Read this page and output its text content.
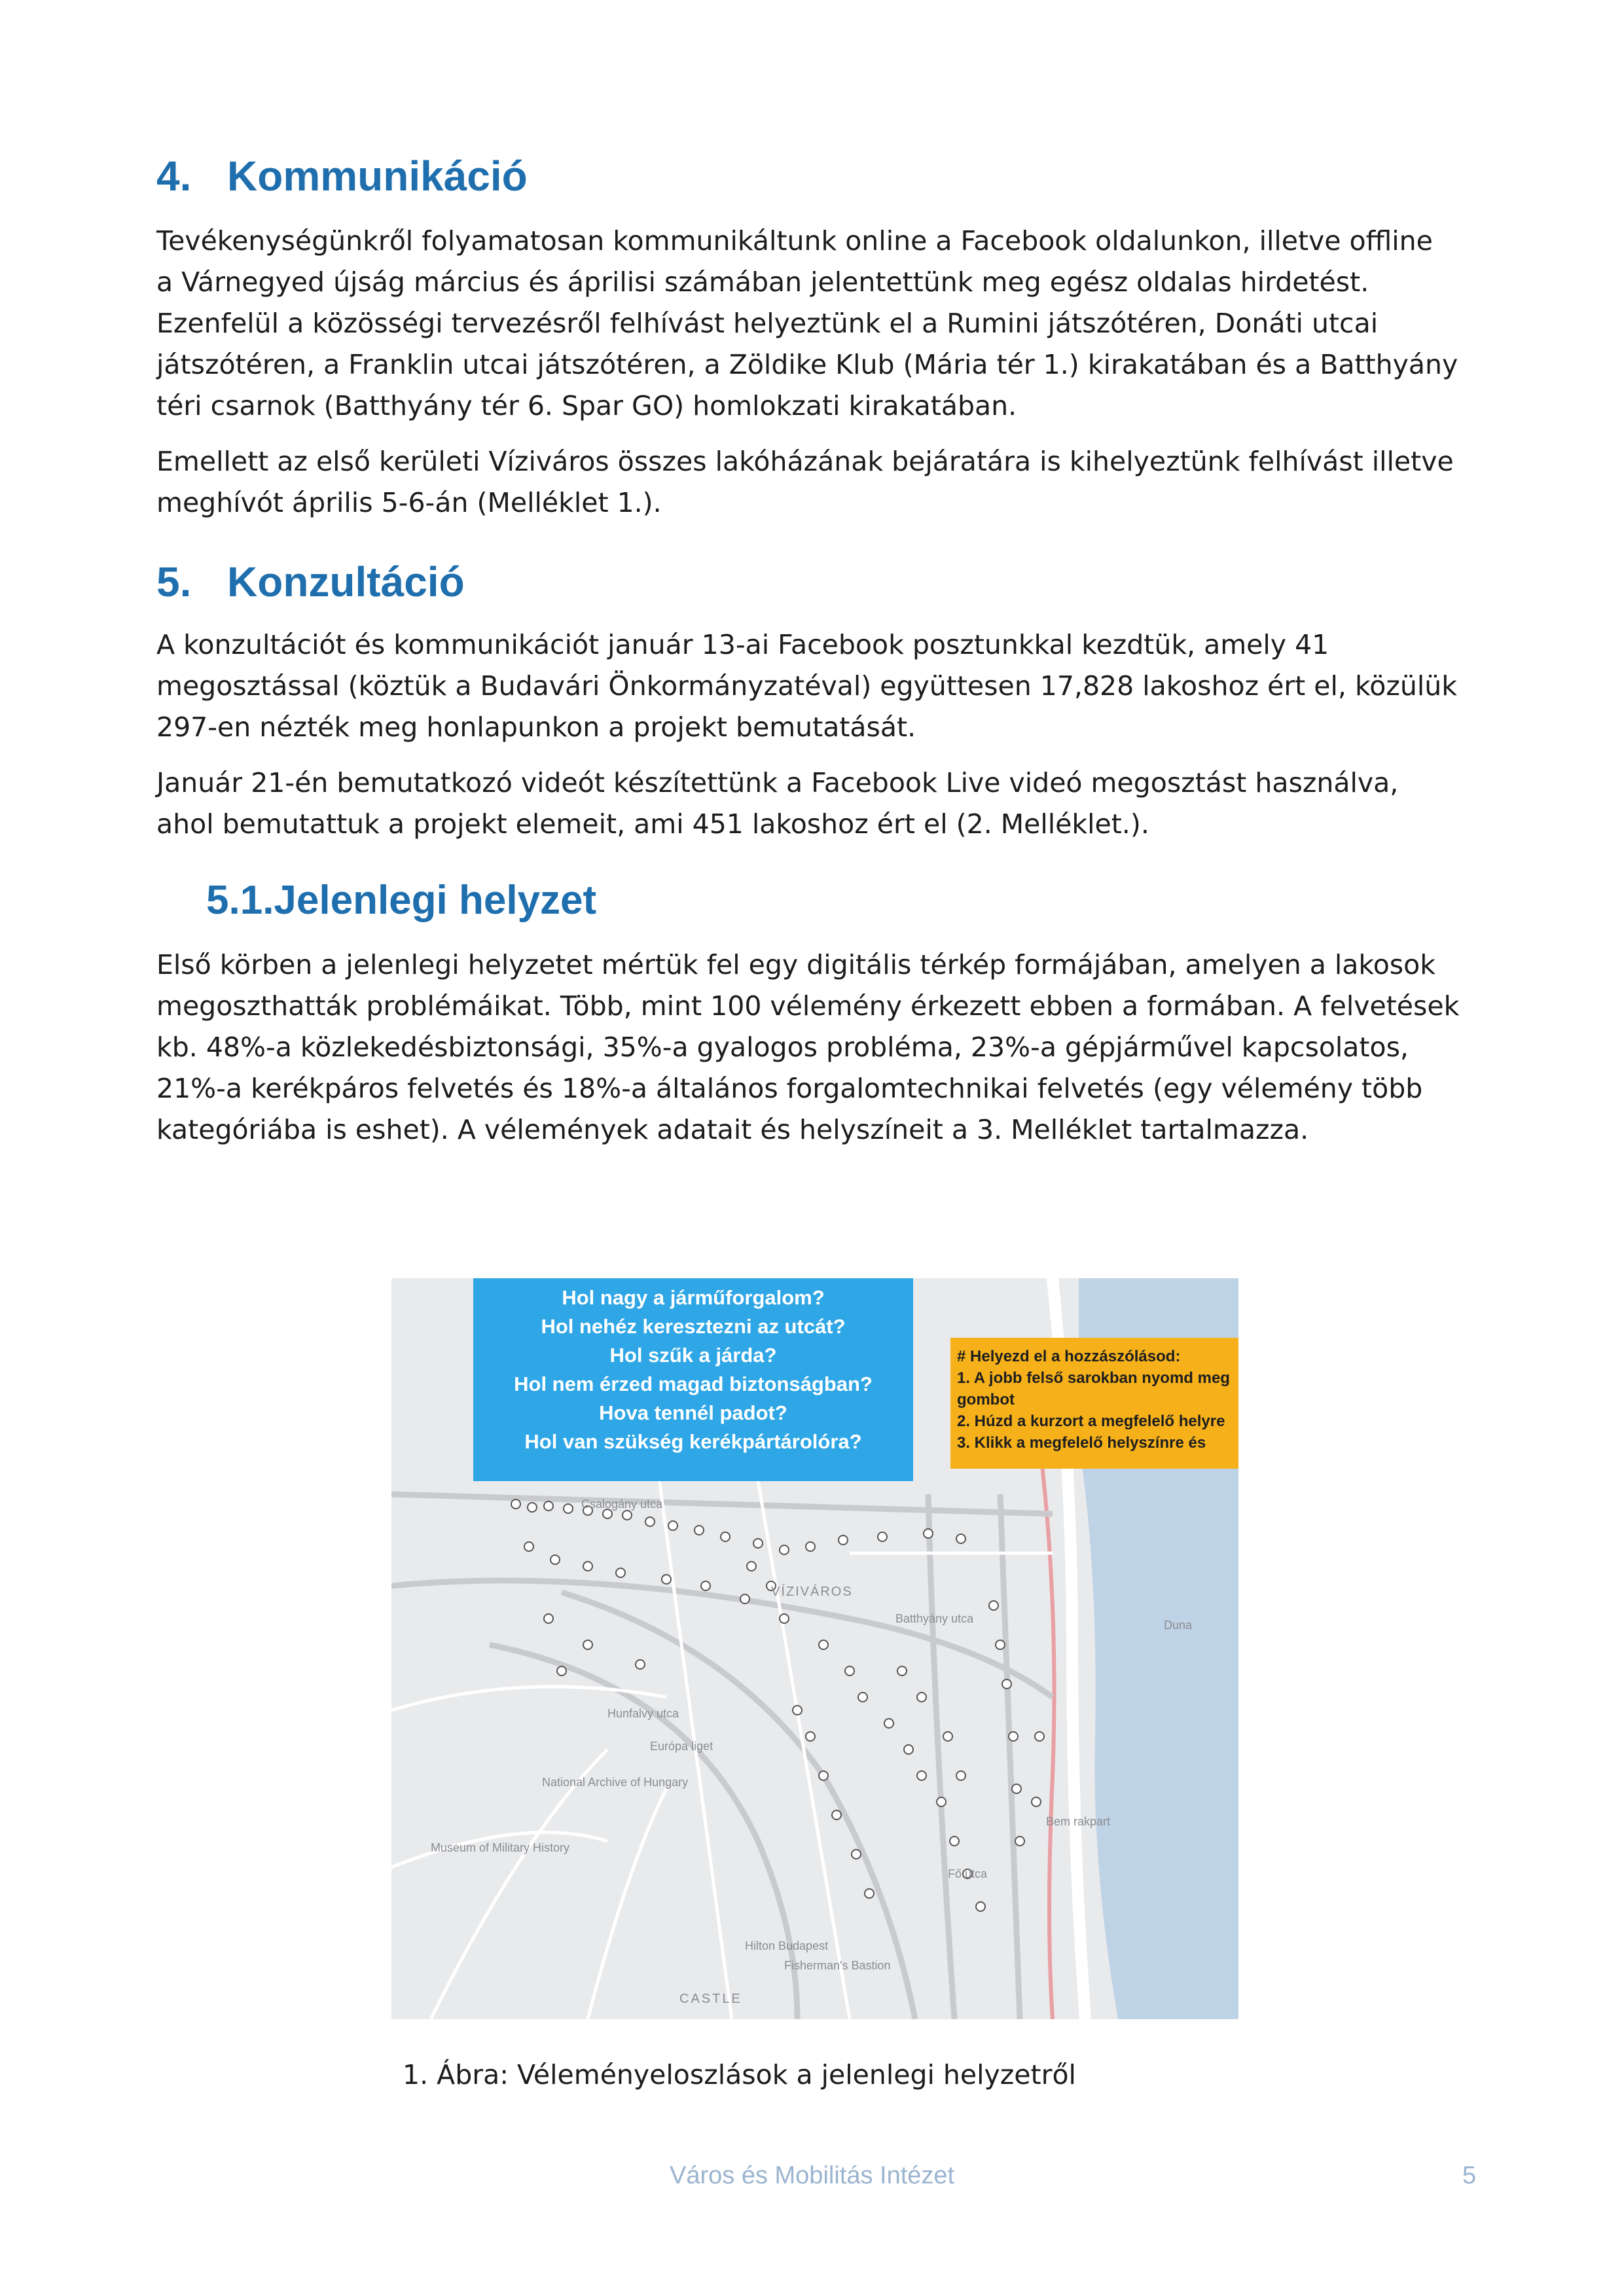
4. Kommunikáció

Tevékenységünkről folyamatosan kommunikáltunk online a Facebook oldalunkon, illetve offline
a Várnegyed újság március és áprilisi számában jelentettünk meg egész oldalas hirdetést.
Ezenfelül a közösségi tervezésről felhívást helyeztünk el a Rumini játszótéren, Donáti utcai
játszótéren, a Franklin utcai játszótéren, a Zöldike Klub (Mária tér 1.) kirakatában és a Batthyány
téri csarnok (Batthyány tér 6. Spar GO) homlokzati kirakatában.

Emellett az első kerületi Víziváros összes lakóházának bejáratára is kihelyeztünk felhívást illetve
meghívót április 5-6-án (Melléklet 1.).

5. Konzultáció

A konzultációt és kommunikációt január 13-ai Facebook posztunkkal kezdtük, amely 41
megosztással (köztük a Budavári Önkormányzatéval) együttesen 17,828 lakoshoz ért el, közülük
297-en nézték meg honlapunkon a projekt bemutatását.

Január 21-én bemutatkozó videót készítettünk a Facebook Live videó megosztást használva,
ahol bemutattuk a projekt elemeit, ami 451 lakoshoz ért el (2. Melléklet.).

5.1.Jelenlegi helyzet

Első körben a jelenlegi helyzetet mértük fel egy digitális térkép formájában, amelyen a lakosok
megoszthatták problémáikat. Több, mint 100 vélemény érkezett ebben a formában. A felvetések
kb. 48%-a közlekedésbiztonsági, 35%-a gyalogos probléma, 23%-a gépjárművel kapcsolatos,
21%-a kerékpáros felvetés és 18%-a általános forgalomtechnikai felvetés (egy vélemény több
kategóriába is eshet). A vélemények adatait és helyszíneit a 3. Melléklet tartalmazza.

Hol nagy a járműforgalom?
Hol nehéz keresztezni az utcát?
Hol szűk a járda?
Hol nem érzed magad biztonságban?
Hova tennél padot?
Hol van szükség kerékpártárolóra?
# Helyezd el a hozzászólásod:
1. A jobb felső sarokban nyomd meg
gombot
2. Húzd a kurzort a megfelelő helyre
3. Klikk a megfelelő helyszínre és
VÍZIVÁROS
CASTLE
Csalogány utca
Batthyány utca
Hunfalvy utca
Európa liget
National Archive of Hungary
Museum of Military History
Duna
Fisherman's Bastion
Hilton Budapest
Fő utca
Bem rakpart

1. Ábra: Véleményeloszlások a jelenlegi helyzetről

Város és Mobilitás Intézet	5
